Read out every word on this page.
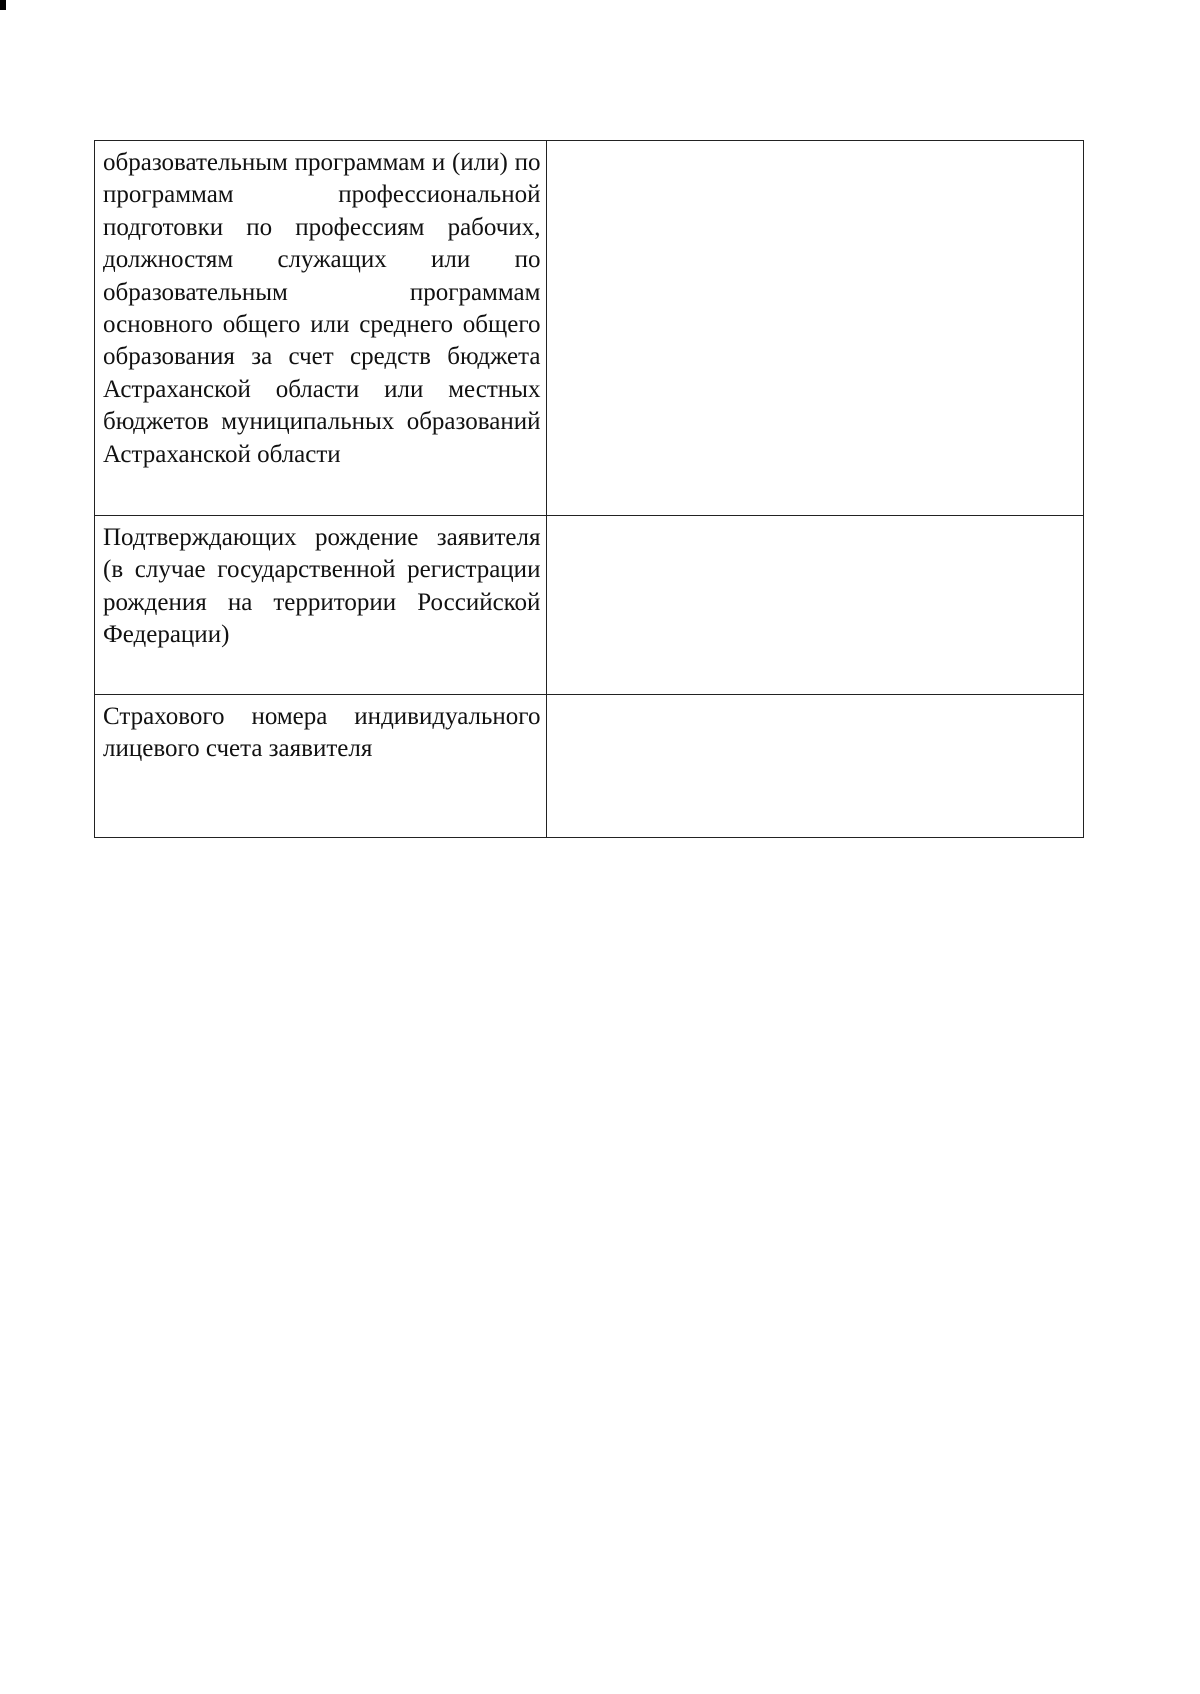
образовательным программам и (или) по программам профессиональной подготовки по профессиям рабочих, должностям служащих или по образовательным программам основного общего или среднего общего образования за счет средств бюджета Астраханской области или местных бюджетов муниципальных образований Астраханской области	

Подтверждающих рождение заявителя (в случае государственной регистрации рождения на территории Российской Федерации)	

Страхового номера индивидуального лицевого счета заявителя	
